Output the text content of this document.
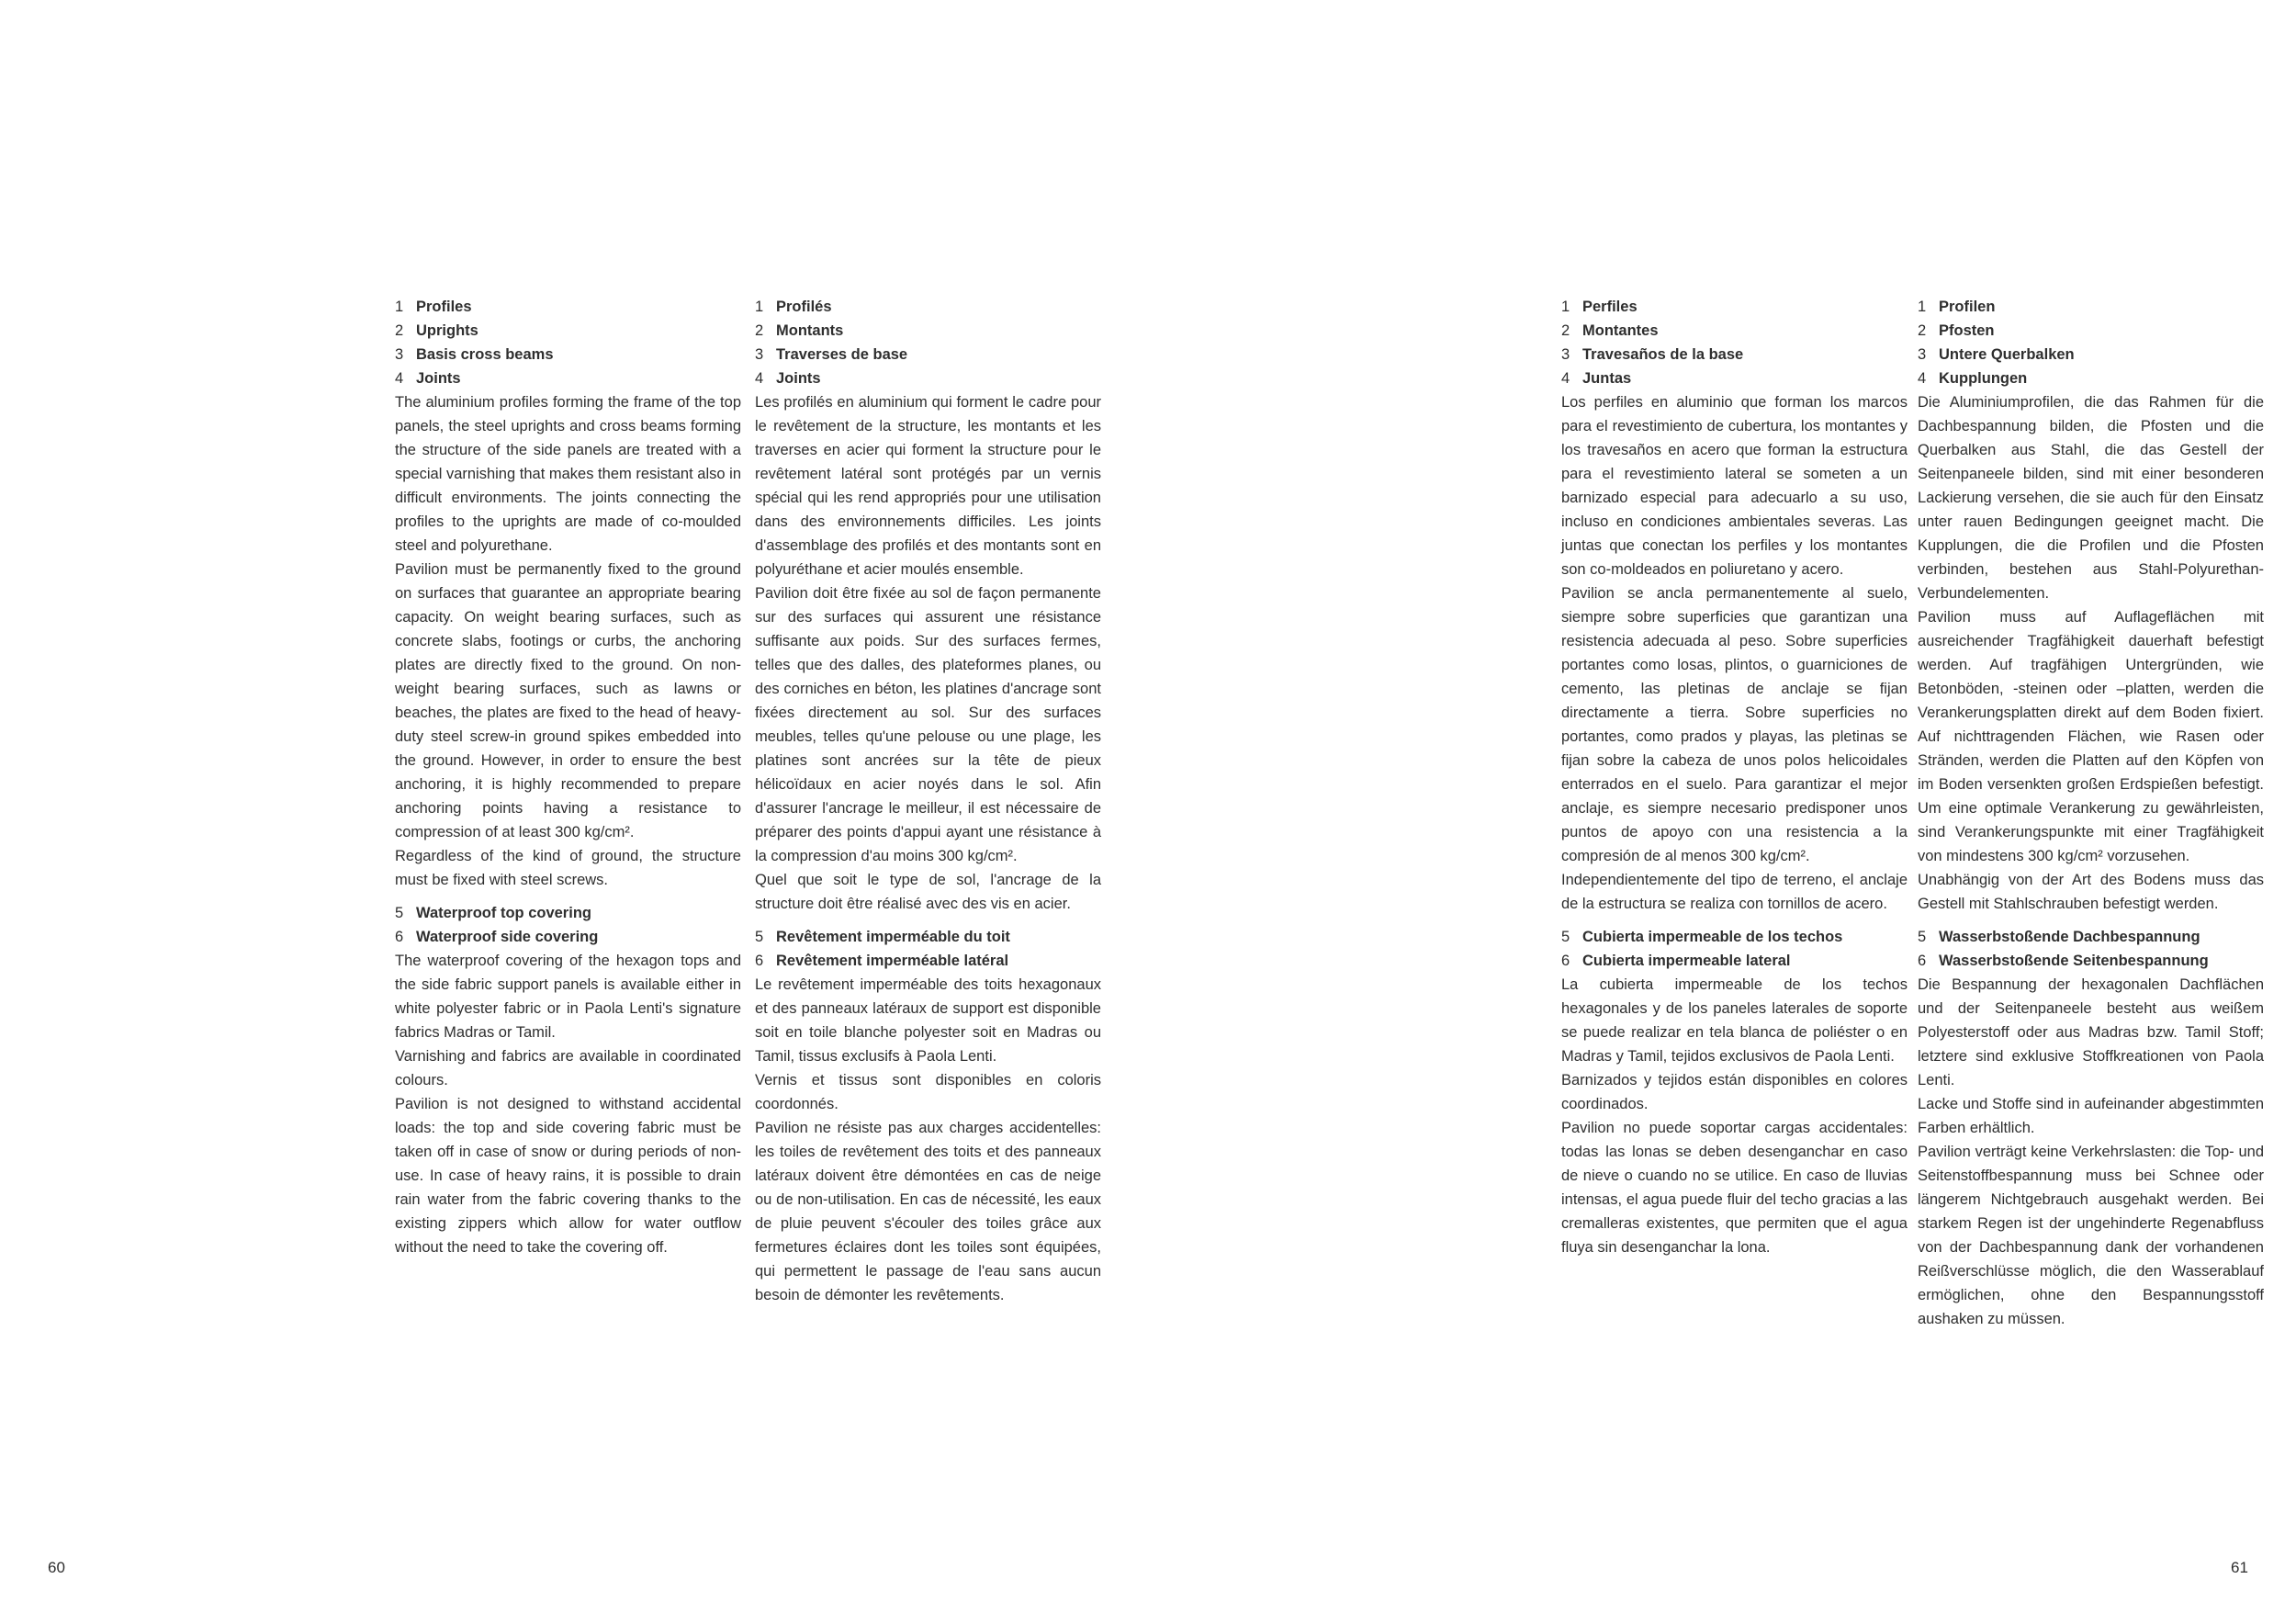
1 Profiles
2 Uprights
3 Basis cross beams
4 Joints

The aluminium profiles forming the frame of the top panels, the steel uprights and cross beams forming the structure of the side panels are treated with a special varnishing that makes them resistant also in difficult environments. The joints connecting the profiles to the uprights are made of co-moulded steel and polyurethane.

Pavilion must be permanently fixed to the ground on surfaces that guarantee an appropriate bearing capacity. On weight bearing surfaces, such as concrete slabs, footings or curbs, the anchoring plates are directly fixed to the ground. On non-weight bearing surfaces, such as lawns or beaches, the plates are fixed to the head of heavy-duty steel screw-in ground spikes embedded into the ground. However, in order to ensure the best anchoring, it is highly recommended to prepare anchoring points having a resistance to compression of at least 300 kg/cm².

Regardless of the kind of ground, the structure must be fixed with steel screws.

5 Waterproof top covering
6 Waterproof side covering

The waterproof covering of the hexagon tops and the side fabric support panels is available either in white polyester fabric or in Paola Lenti's signature fabrics Madras or Tamil.

Varnishing and fabrics are available in coordinated colours.

Pavilion is not designed to withstand accidental loads: the top and side covering fabric must be taken off in case of snow or during periods of non-use. In case of heavy rains, it is possible to drain rain water from the fabric covering thanks to the existing zippers which allow for water outflow without the need to take the covering off.

1 Profilés
2 Montants
3 Traverses de base
4 Joints

Les profilés en aluminium qui forment le cadre pour le revêtement de la structure, les montants et les traverses en acier qui forment la structure pour le revêtement latéral sont protégés par un vernis spécial qui les rend appropriés pour une utilisation dans des environnements difficiles. Les joints d'assemblage des profilés et des montants sont en polyuréthane et acier moulés ensemble.

Pavilion doit être fixée au sol de façon permanente sur des surfaces qui assurent une résistance suffisante aux poids. Sur des surfaces fermes, telles que des dalles, des plateformes planes, ou des corniches en béton, les platines d'ancrage sont fixées directement au sol. Sur des surfaces meubles, telles qu'une pelouse ou une plage, les platines sont ancrées sur la tête de pieux hélicoïdaux en acier noyés dans le sol. Afin d'assurer l'ancrage le meilleur, il est nécessaire de préparer des points d'appui ayant une résistance à la compression d'au moins 300 kg/cm².

Quel que soit le type de sol, l'ancrage de la structure doit être réalisé avec des vis en acier.

5 Revêtement imperméable du toit
6 Revêtement imperméable latéral

Le revêtement imperméable des toits hexagonaux et des panneaux latéraux de support est disponible soit en toile blanche polyester soit en Madras ou Tamil, tissus exclusifs à Paola Lenti.

Vernis et tissus sont disponibles en coloris coordonnés.

Pavilion ne résiste pas aux charges accidentelles: les toiles de revêtement des toits et des panneaux latéraux doivent être démontées en cas de neige ou de non-utilisation. En cas de nécessité, les eaux de pluie peuvent s'écouler des toiles grâce aux fermetures éclaires dont les toiles sont équipées, qui permettent le passage de l'eau sans aucun besoin de démonter les revêtements.

1 Perfiles
2 Montantes
3 Travesaños de la base
4 Juntas

Los perfiles en aluminio que forman los marcos para el revestimiento de cubertura, los montantes y los travesaños en acero que forman la estructura para el revestimiento lateral se someten a un barnizado especial para adecuarlo a su uso, incluso en condiciones ambientales severas. Las juntas que conectan los perfiles y los montantes son co-moldeados en poliuretano y acero.

Pavilion se ancla permanentemente al suelo, siempre sobre superficies que garantizan una resistencia adecuada al peso. Sobre superficies portantes como losas, plintos, o guarniciones de cemento, las pletinas de anclaje se fijan directamente a tierra. Sobre superficies no portantes, como prados y playas, las pletinas se fijan sobre la cabeza de unos polos helicoidales enterrados en el suelo. Para garantizar el mejor anclaje, es siempre necesario predisponer unos puntos de apoyo con una resistencia a la compresión de al menos 300 kg/cm².

Independientemente del tipo de terreno, el anclaje de la estructura se realiza con tornillos de acero.

5 Cubierta impermeable de los techos
6 Cubierta impermeable lateral

La cubierta impermeable de los techos hexagonales y de los paneles laterales de soporte se puede realizar en tela blanca de poliéster o en Madras y Tamil, tejidos exclusivos de Paola Lenti.

Barnizados y tejidos están disponibles en colores coordinados.

Pavilion no puede soportar cargas accidentales: todas las lonas se deben desenganchar en caso de nieve o cuando no se utilice. En caso de lluvias intensas, el agua puede fluir del techo gracias a las cremalleras existentes, que permiten que el agua fluya sin desenganchar la lona.

1 Profilen
2 Pfosten
3 Untere Querbalken
4 Kupplungen

Die Aluminiumprofilen, die das Rahmen für die Dachbespannung bilden, die Pfosten und die Querbalken aus Stahl, die das Gestell der Seitenpaneele bilden, sind mit einer besonderen Lackierung versehen, die sie auch für den Einsatz unter rauen Bedingungen geeignet macht. Die Kupplungen, die die Profilen und die Pfosten verbinden, bestehen aus Stahl-Polyurethan-Verbundelementen.

Pavilion muss auf Auflageflächen mit ausreichender Tragfähigkeit dauerhaft befestigt werden. Auf tragfähigen Untergründen, wie Betonböden, -steinen oder –platten, werden die Verankerungsplatten direkt auf dem Boden fixiert. Auf nichttragenden Flächen, wie Rasen oder Stränden, werden die Platten auf den Köpfen von im Boden versenkten großen Erdspießen befestigt. Um eine optimale Verankerung zu gewährleisten, sind Verankerungspunkte mit einer Tragfähigkeit von mindestens 300 kg/cm² vorzusehen.

Unabhängig von der Art des Bodens muss das Gestell mit Stahlschrauben befestigt werden.

5 Wasserbstoßende Dachbespannung
6 Wasserbstoßende Seitenbespannung

Die Bespannung der hexagonalen Dachflächen und der Seitenpaneele besteht aus weißem Polyesterstoff oder aus Madras bzw. Tamil Stoff; letztere sind exklusive Stoffkreationen von Paola Lenti.

Lacke und Stoffe sind in aufeinander abgestimmten Farben erhältlich.

Pavilion verträgt keine Verkehrslasten: die Top- und Seitenstoffbespannung muss bei Schnee oder längerem Nichtgebrauch ausgehakt werden. Bei starkem Regen ist der ungehinderte Regenabfluss von der Dachbespannung dank der vorhandenen Reißverschlüsse möglich, die den Wasserablauf ermöglichen, ohne den Bespannungsstoff aushaken zu müssen.

60	61
